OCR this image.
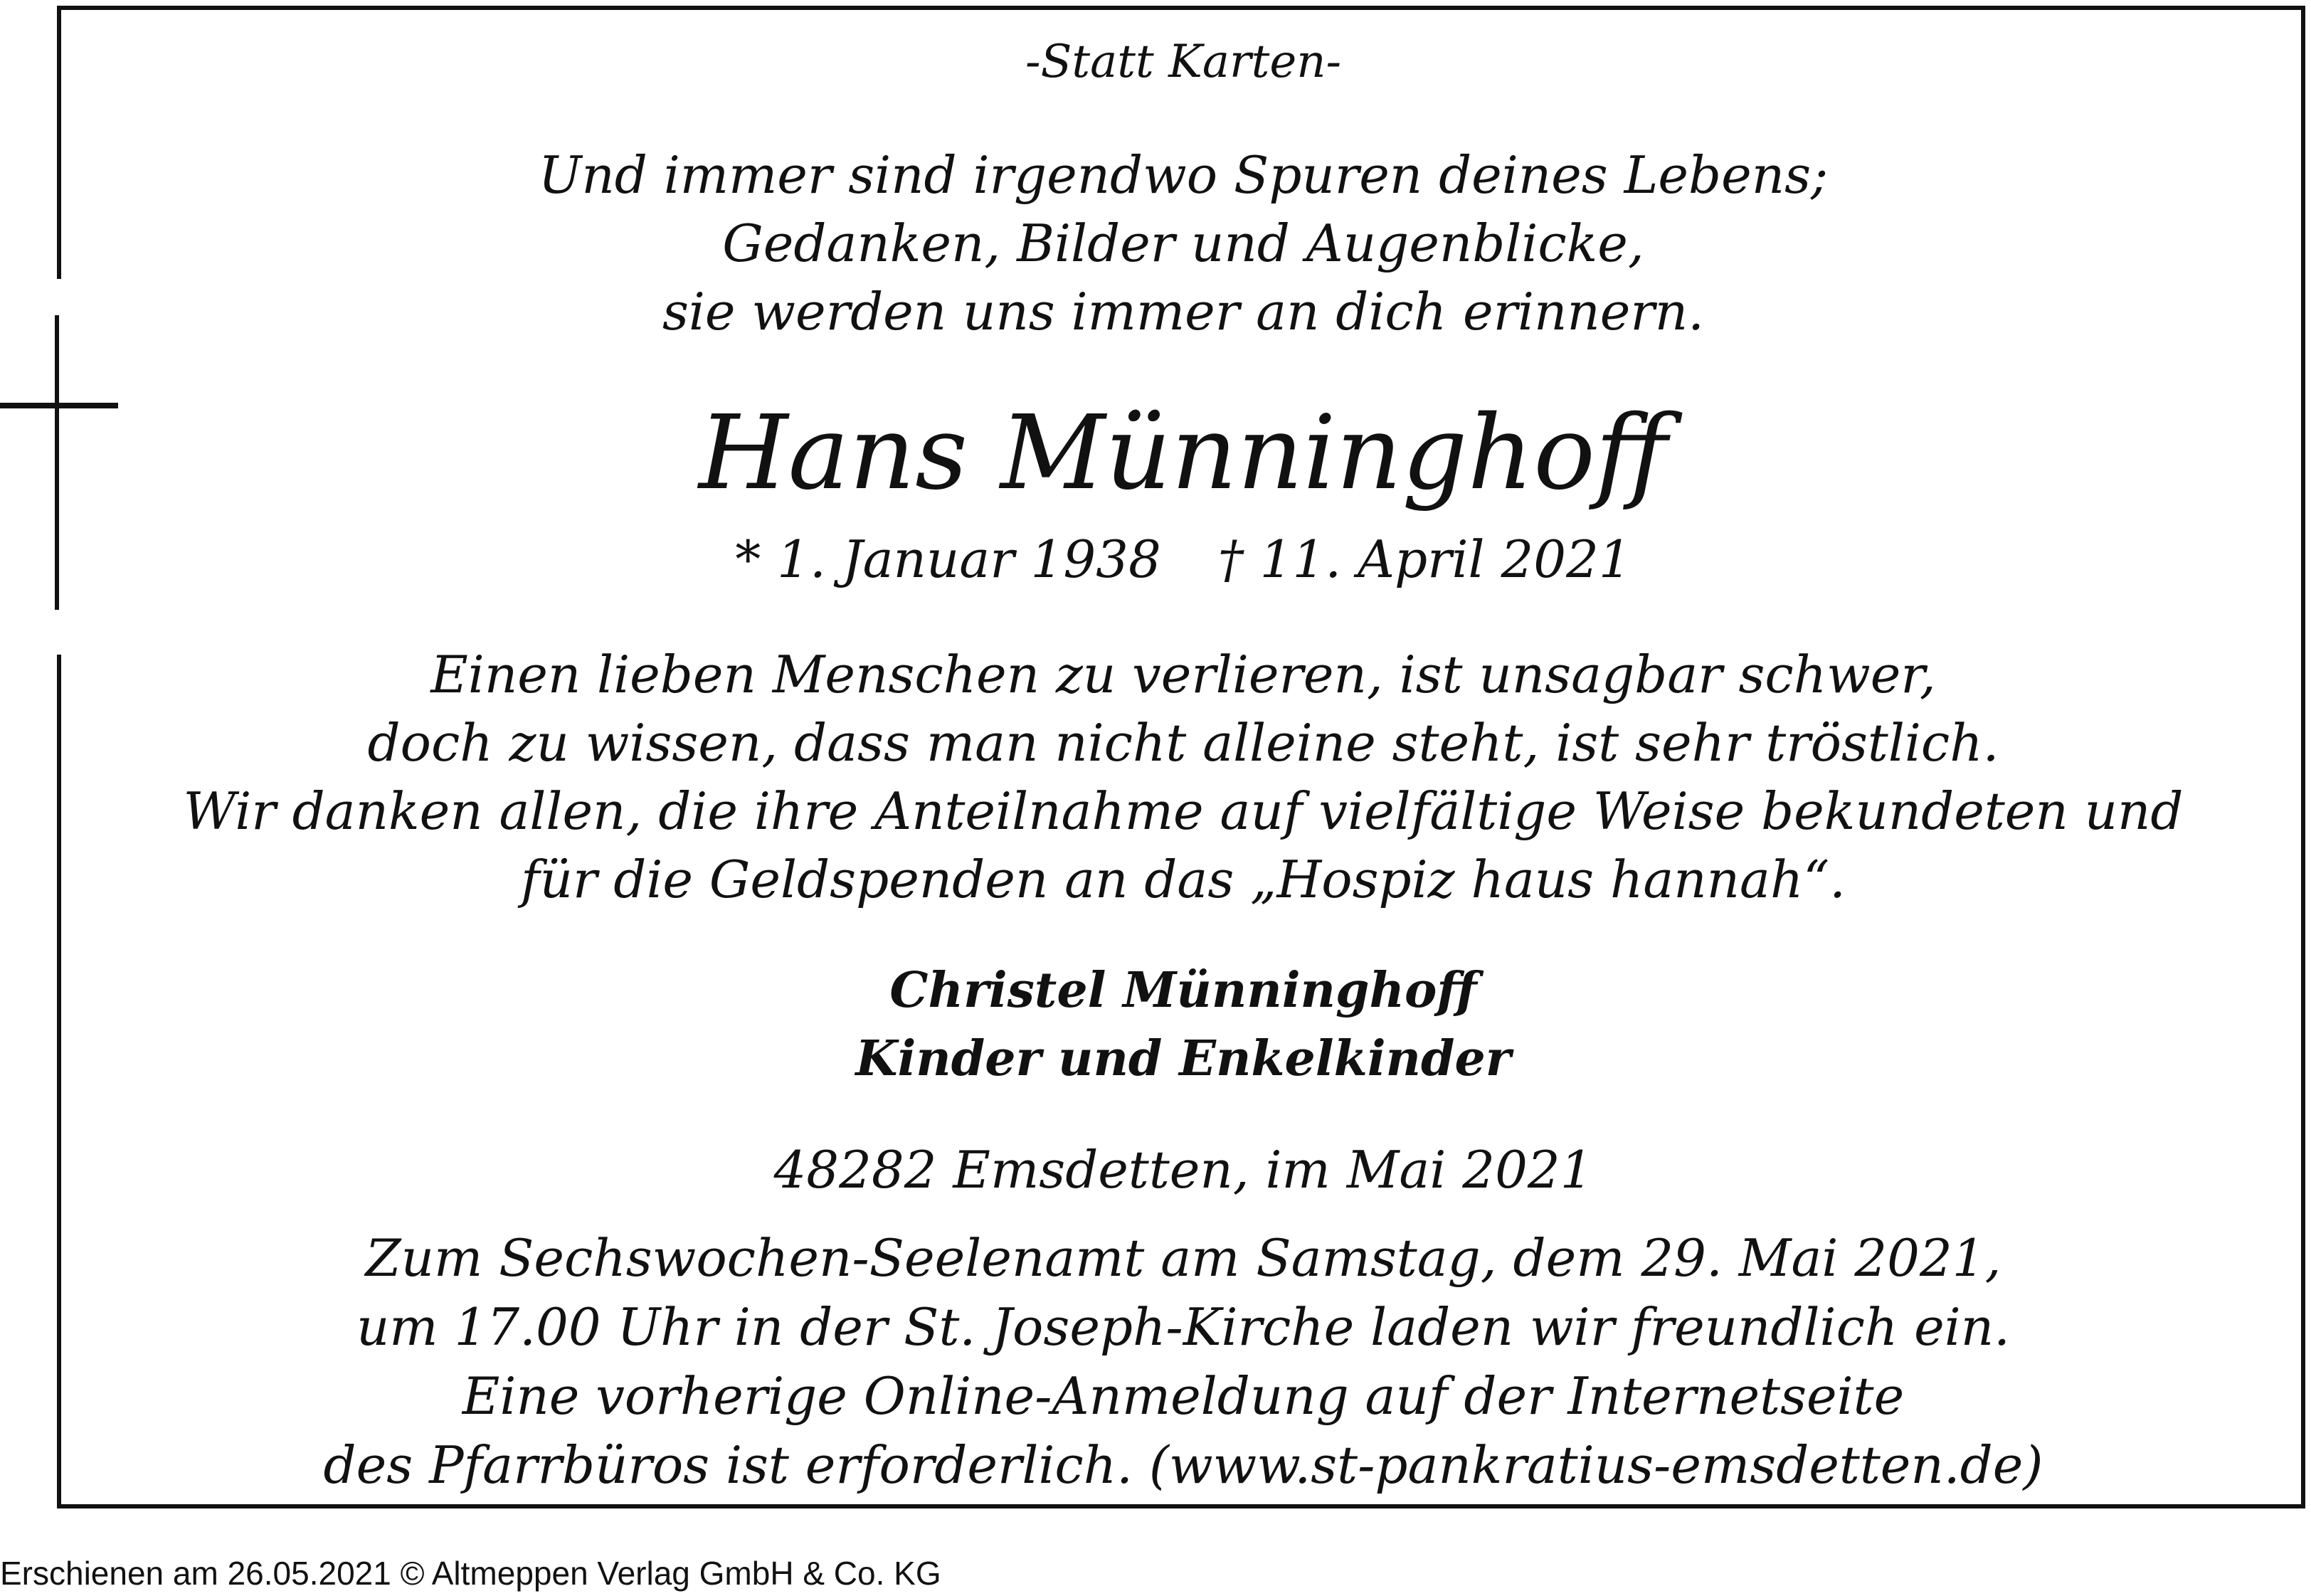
-Statt Karten-
Und immer sind irgendwo Spuren deines Lebens;
Gedanken, Bilder und Augenblicke,
sie werden uns immer an dich erinnern.
Hans Münninghoff
* 1. Januar 1938 † 11. April 2021
Einen lieben Menschen zu verlieren, ist unsagbar schwer,
doch zu wissen, dass man nicht alleine steht, ist sehr tröstlich.
Wir danken allen, die ihre Anteilnahme auf vielfältige Weise bekundeten und
für die Geldspenden an das „Hospiz haus hannah“.
Christel Münninghoff
Kinder und Enkelkinder
48282 Emsdetten, im Mai 2021
Zum Sechswochen-Seelenamt am Samstag, dem 29. Mai 2021,
um 17.00 Uhr in der St. Joseph-Kirche laden wir freundlich ein.
Eine vorherige Online-Anmeldung auf der Internetseite
des Pfarrbüros ist erforderlich. (www.st-pankratius-emsdetten.de)
Erschienen am 26.05.2021 © Altmeppen Verlag GmbH & Co. KG
